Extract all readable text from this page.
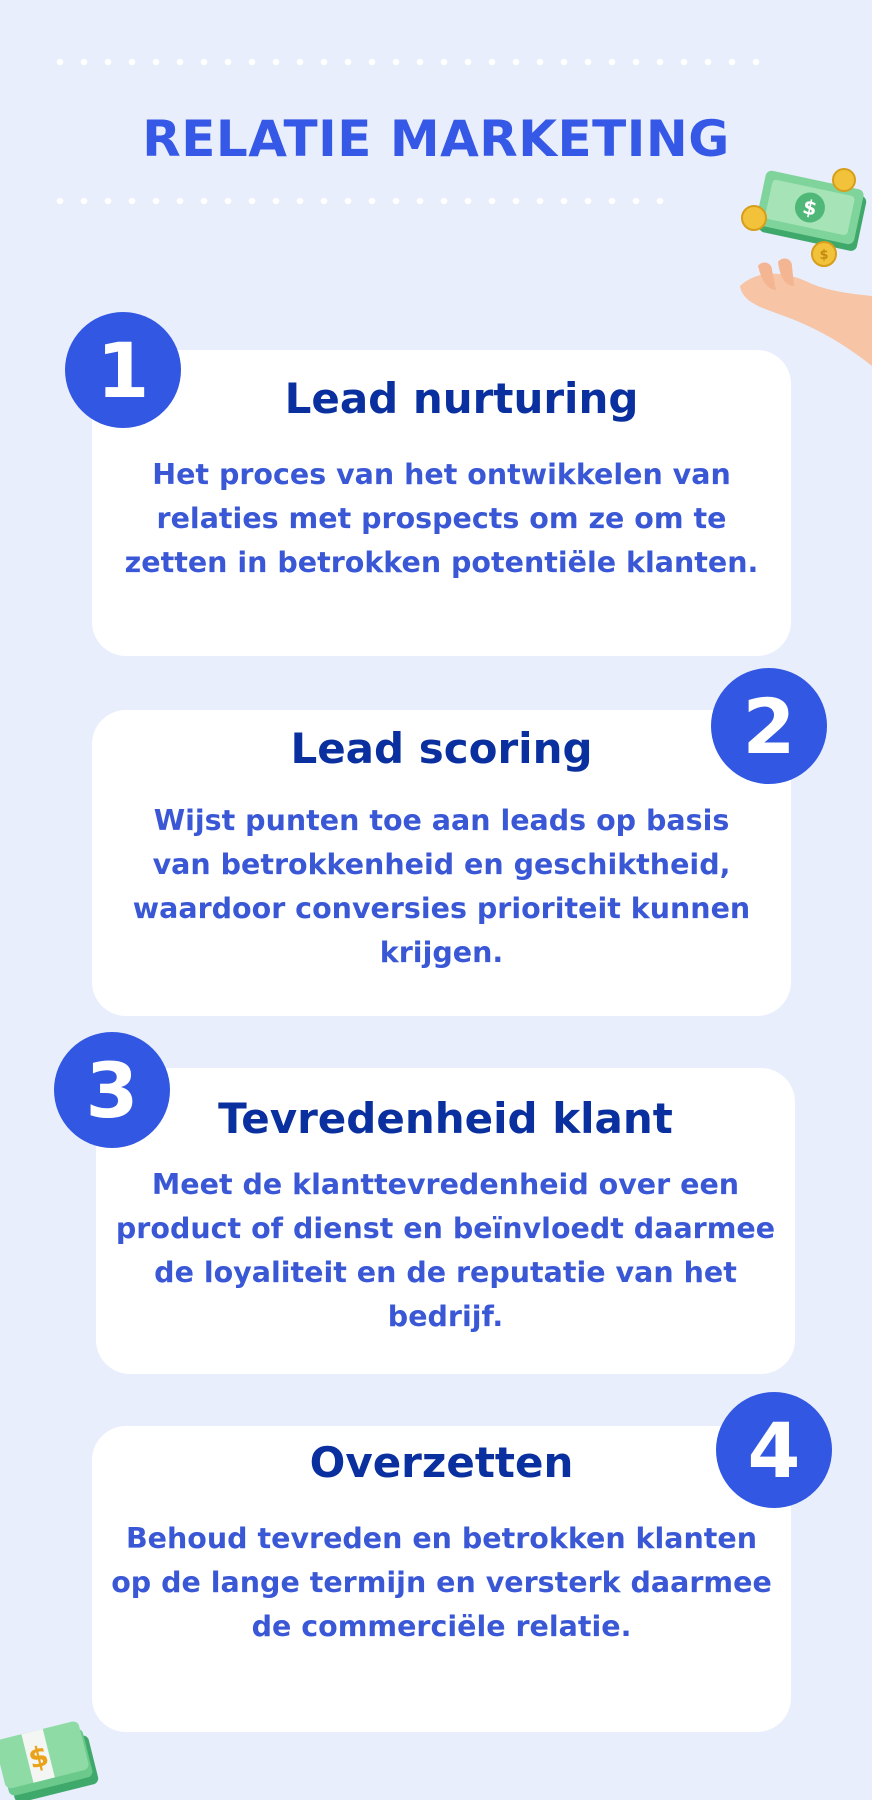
RELATIE MARKETING
$
$
Lead nurturing

Het proces van het ontwikkelen van relaties met prospects om ze om te zetten in betrokken potentiële klanten.

1
Lead scoring

Wijst punten toe aan leads op basis van betrokkenheid en geschiktheid, waardoor conversies prioriteit kunnen krijgen.

2
Tevredenheid klant

Meet de klanttevredenheid over een product of dienst en beïnvloedt daarmee de loyaliteit en de reputatie van het bedrijf.

3
Overzetten

Behoud tevreden en betrokken klanten op de lange termijn en versterk daarmee de commerciële relatie.

4
$
